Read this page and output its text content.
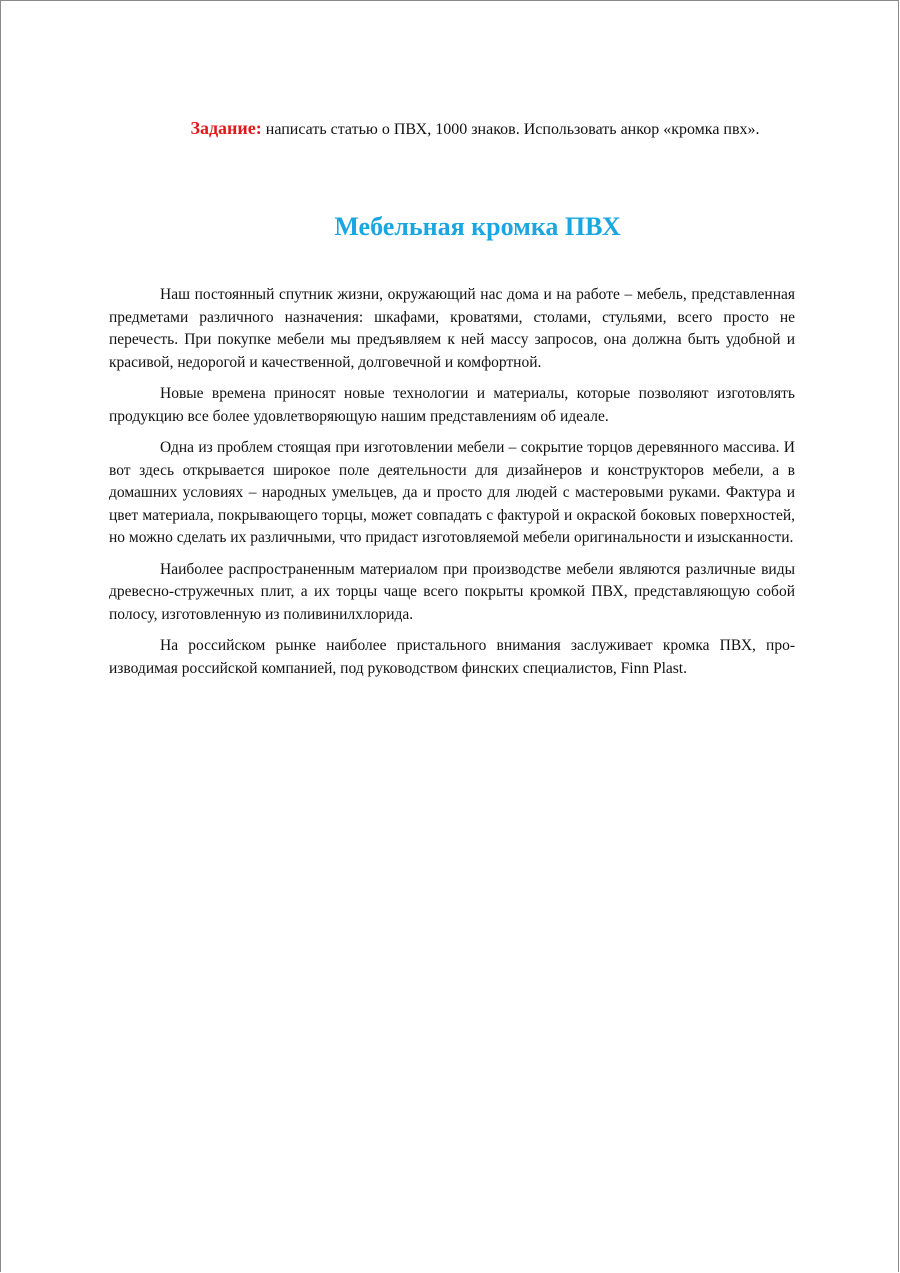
Задание: написать статью о ПВХ, 1000 знаков. Использовать анкор «кромка пвх».
Мебельная кромка ПВХ

Наш постоянный спутник жизни, окружающий нас дома и на работе – мебель, представленная предметами различного назначения: шкафами, кроватями, столами, стульями, всего просто не перечесть. При покупке мебели мы предъявляем к ней массу запросов, она должна быть удобной и красивой, недорогой и качественной, долговечной и комфортной.

Новые времена приносят новые технологии и материалы, которые позволяют изготовлять продукцию все более удовлетворяющую нашим представлениям об идеале.

Одна из проблем стоящая при изготовлении мебели – сокрытие торцов деревянного массива. И вот здесь открывается широкое поле деятельности для дизайнеров и конструкторов мебели, а в домашних условиях – народных умельцев, да и просто для людей с мастеровыми руками. Фактура и цвет материала, покрывающего торцы, может совпадать с фактурой и окраской боковых поверхностей, но можно сделать их различными, что придаст изготовляемой мебели оригинальности и изысканности.

Наиболее распространенным материалом при производстве мебели являются различные виды древесно-стружечных плит, а их торцы чаще всего покрыты кромкой ПВХ, представляющую собой полосу, изготовленную из поливинилхлорида.

На российском рынке наиболее пристального внимания заслуживает кромка ПВХ, производимая российской компанией, под руководством финских специалистов, Finn Plast.
